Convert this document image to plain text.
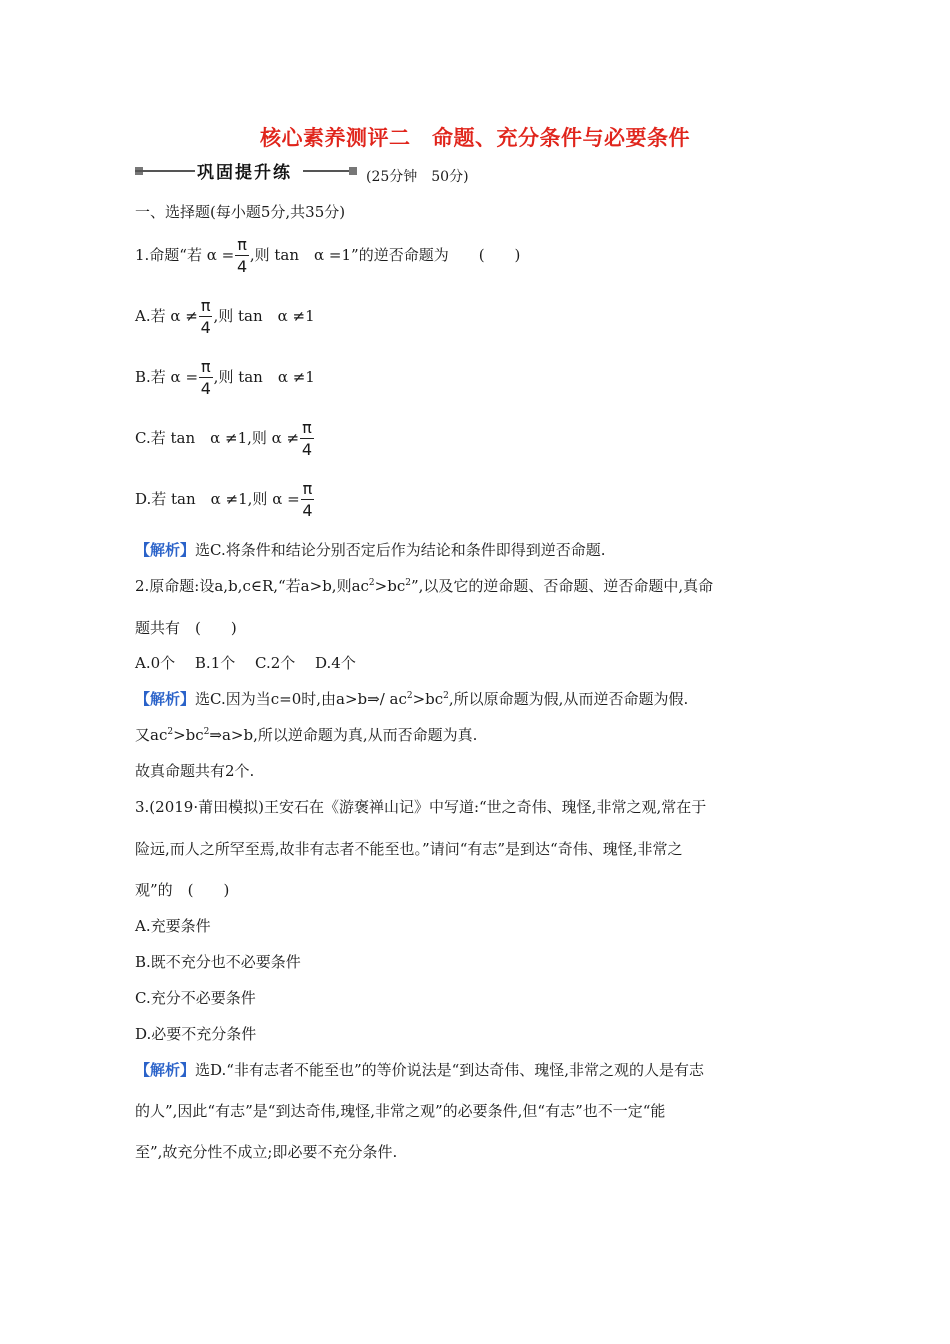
核心素养测评二　命题、充分条件与必要条件
巩固提升练	(25分钟　50分)
一、选择题(每小题5分,共35分)
1.命题“若 $\alpha = \frac{\pi}{4}$ ,则 tan　α =1”的逆否命题为　　(　　)
A.若 $\alpha \ne \frac{\pi}{4}$ ,则 tan　α ≠1
B.若 $\alpha = \frac{\pi}{4}$ ,则 tan　α ≠1
C.若 tan　α ≠1,则 $\alpha \ne \frac{\pi}{4}$
D.若 tan　α ≠1,则 $\alpha = \frac{\pi}{4}$
【解析】选C.将条件和结论分别否定后作为结论和条件即得到逆否命题.
2.原命题:设a,b,c∈R,“若a>b,则$ac^2>bc^2$”,以及它的逆命题、否命题、逆否命题中,真命
题共有　(　　)
A.0个　 B.1个　 C.2个　 D.4个
【解析】选C.因为当c=0时,由a>b⇒/ $ac^2>bc^2$,所以原命题为假,从而逆否命题为假.
又$ac^2>bc^2\Rightarrow a>b$,所以逆命题为真,从而否命题为真.
故真命题共有2个.
3.(2019·莆田模拟)王安石在《游褒禅山记》中写道:“世之奇伟、瑰怪,非常之观,常在于
险远,而人之所罕至焉,故非有志者不能至也。”请问“有志”是到达“奇伟、瑰怪,非常之
观”的　(　　)
A.充要条件
B.既不充分也不必要条件
C.充分不必要条件
D.必要不充分条件
【解析】选D.“非有志者不能至也”的等价说法是“到达奇伟、瑰怪,非常之观的人是有志
的人”,因此“有志”是“到达奇伟,瑰怪,非常之观”的必要条件,但“有志”也不一定“能
至”,故充分性不成立;即必要不充分条件.
